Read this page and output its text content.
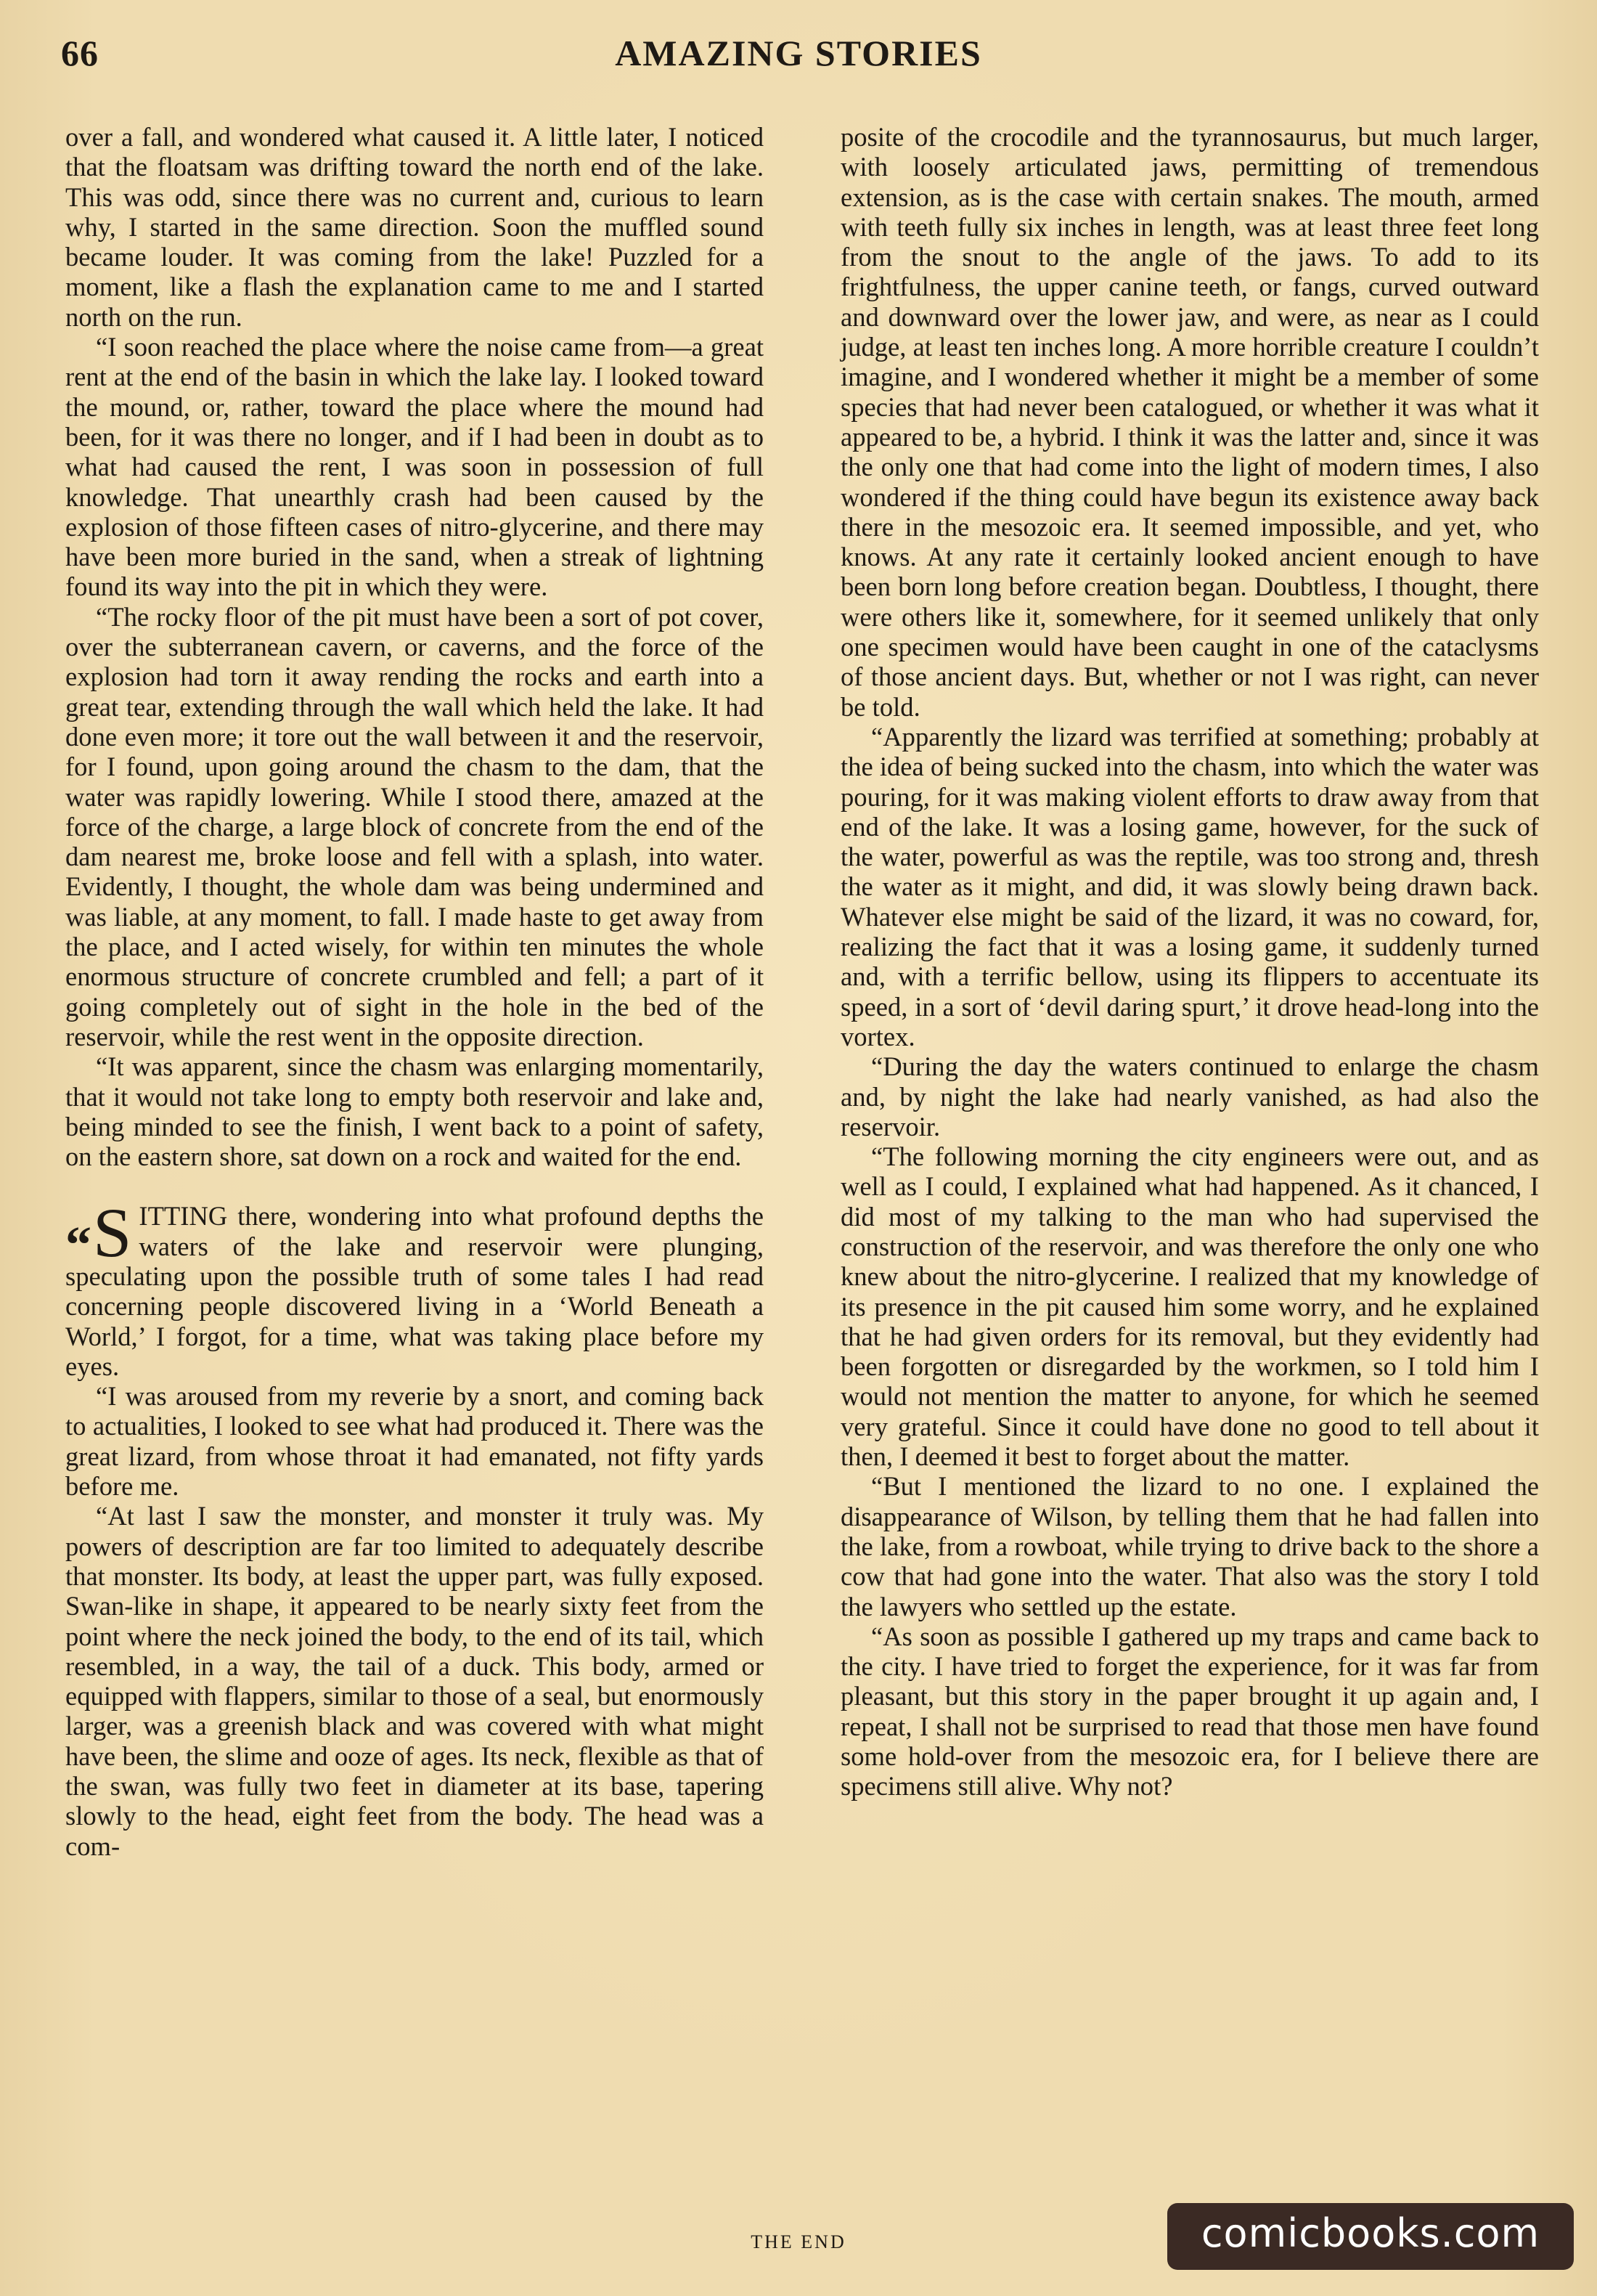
66	AMAZING STORIES

over a fall, and wondered what caused it. A little later, I noticed that the floatsam was drifting toward the north end of the lake. This was odd, since there was no current and, curious to learn why, I started in the same direction. Soon the muffled sound became louder. It was coming from the lake! Puzzled for a moment, like a flash the explanation came to me and I started north on the run.

“I soon reached the place where the noise came from—a great rent at the end of the basin in which the lake lay. I looked toward the mound, or, rather, toward the place where the mound had been, for it was there no longer, and if I had been in doubt as to what had caused the rent, I was soon in possession of full knowledge. That unearthly crash had been caused by the explosion of those fifteen cases of nitro-glycerine, and there may have been more buried in the sand, when a streak of lightning found its way into the pit in which they were.

“The rocky floor of the pit must have been a sort of pot cover, over the subterranean cavern, or caverns, and the force of the explosion had torn it away rending the rocks and earth into a great tear, extending through the wall which held the lake. It had done even more; it tore out the wall between it and the reservoir, for I found, upon going around the chasm to the dam, that the water was rapidly lowering. While I stood there, amazed at the force of the charge, a large block of concrete from the end of the dam nearest me, broke loose and fell with a splash, into water. Evidently, I thought, the whole dam was being undermined and was liable, at any moment, to fall. I made haste to get away from the place, and I acted wisely, for within ten minutes the whole enormous structure of concrete crumbled and fell; a part of it going completely out of sight in the hole in the bed of the reservoir, while the rest went in the opposite direction.

“It was apparent, since the chasm was enlarging momentarily, that it would not take long to empty both reservoir and lake and, being minded to see the finish, I went back to a point of safety, on the eastern shore, sat down on a rock and waited for the end.

“S ITTING there, wondering into what profound depths the waters of the lake and reservoir were plunging, speculating upon the possible truth of some tales I had read concerning people discovered living in a ‘World Beneath a World,’ I forgot, for a time, what was taking place before my eyes.

“I was aroused from my reverie by a snort, and coming back to actualities, I looked to see what had produced it. There was the great lizard, from whose throat it had emanated, not fifty yards before me.

“At last I saw the monster, and monster it truly was. My powers of description are far too limited to adequately describe that monster. Its body, at least the upper part, was fully exposed. Swan-like in shape, it appeared to be nearly sixty feet from the point where the neck joined the body, to the end of its tail, which resembled, in a way, the tail of a duck. This body, armed or equipped with flappers, similar to those of a seal, but enormously larger, was a greenish black and was covered with what might have been, the slime and ooze of ages. Its neck, flexible as that of the swan, was fully two feet in diameter at its base, tapering slowly to the head, eight feet from the body. The head was a com-

posite of the crocodile and the tyrannosaurus, but much larger, with loosely articulated jaws, permitting of tremendous extension, as is the case with certain snakes. The mouth, armed with teeth fully six inches in length, was at least three feet long from the snout to the angle of the jaws. To add to its frightfulness, the upper canine teeth, or fangs, curved outward and downward over the lower jaw, and were, as near as I could judge, at least ten inches long. A more horrible creature I couldn’t imagine, and I wondered whether it might be a member of some species that had never been catalogued, or whether it was what it appeared to be, a hybrid. I think it was the latter and, since it was the only one that had come into the light of modern times, I also wondered if the thing could have begun its existence away back there in the mesozoic era. It seemed impossible, and yet, who knows. At any rate it certainly looked ancient enough to have been born long before creation began. Doubtless, I thought, there were others like it, somewhere, for it seemed unlikely that only one specimen would have been caught in one of the cataclysms of those ancient days. But, whether or not I was right, can never be told.

“Apparently the lizard was terrified at something; probably at the idea of being sucked into the chasm, into which the water was pouring, for it was making violent efforts to draw away from that end of the lake. It was a losing game, however, for the suck of the water, powerful as was the reptile, was too strong and, thresh the water as it might, and did, it was slowly being drawn back. Whatever else might be said of the lizard, it was no coward, for, realizing the fact that it was a losing game, it suddenly turned and, with a terrific bellow, using its flippers to accentuate its speed, in a sort of ‘devil daring spurt,’ it drove head-long into the vortex.

“During the day the waters continued to enlarge the chasm and, by night the lake had nearly vanished, as had also the reservoir.

“The following morning the city engineers were out, and as well as I could, I explained what had happened. As it chanced, I did most of my talking to the man who had supervised the construction of the reservoir, and was therefore the only one who knew about the nitro-glycerine. I realized that my knowledge of its presence in the pit caused him some worry, and he explained that he had given orders for its removal, but they evidently had been forgotten or disregarded by the workmen, so I told him I would not mention the matter to anyone, for which he seemed very grateful. Since it could have done no good to tell about it then, I deemed it best to forget about the matter.

“But I mentioned the lizard to no one. I explained the disappearance of Wilson, by telling them that he had fallen into the lake, from a rowboat, while trying to drive back to the shore a cow that had gone into the water. That also was the story I told the lawyers who settled up the estate.

“As soon as possible I gathered up my traps and came back to the city. I have tried to forget the experience, for it was far from pleasant, but this story in the paper brought it up again and, I repeat, I shall not be surprised to read that those men have found some hold-over from the mesozoic era, for I believe there are specimens still alive. Why not?

THE END	comicbooks.com
